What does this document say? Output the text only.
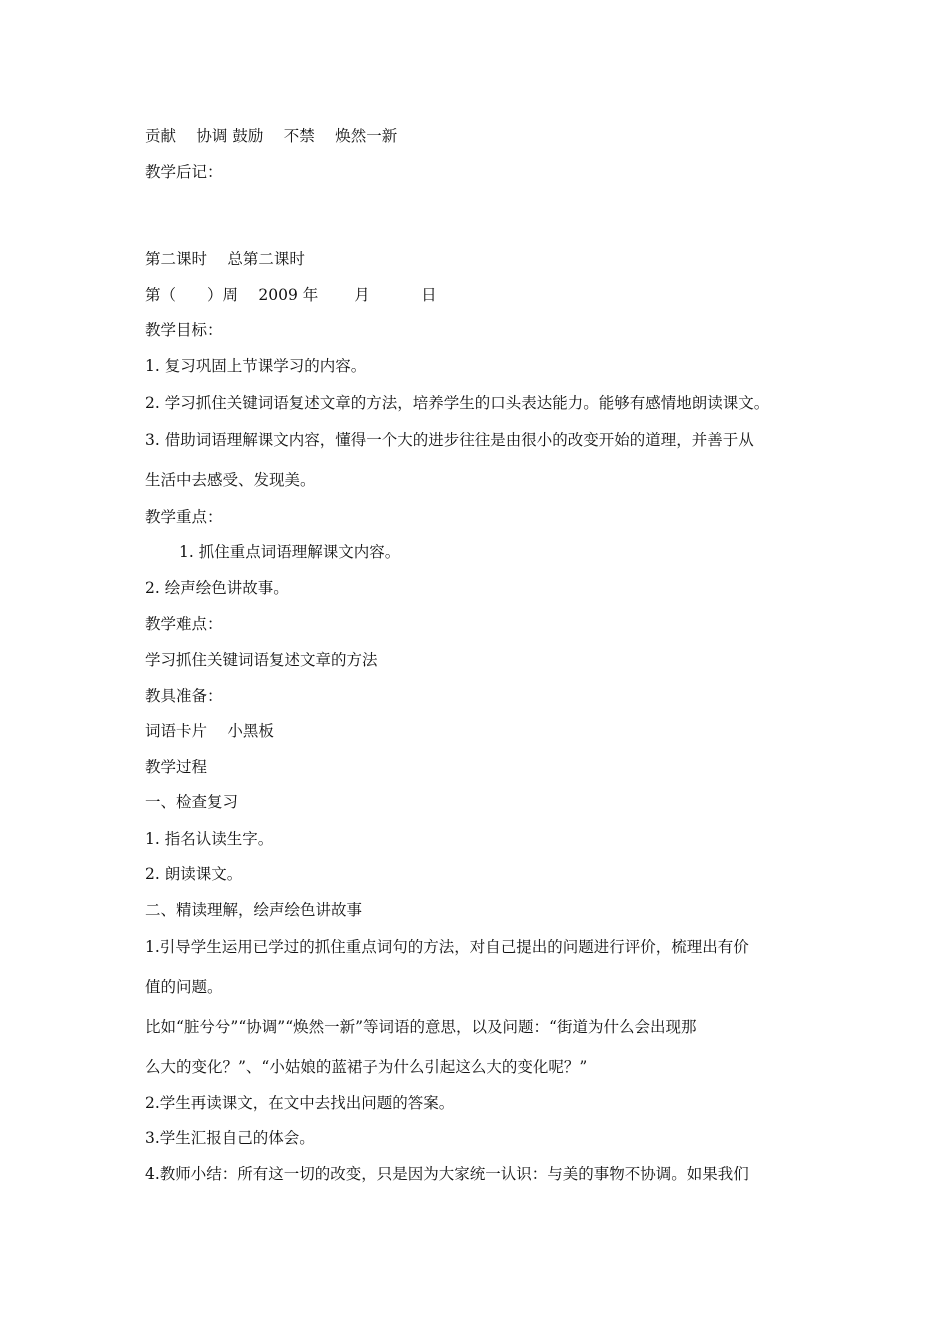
贡献　 协调 鼓励　 不禁　 焕然一新
教学后记：
第二课时　 总第二课时
第（　　）周　 2009 年　　 月　　　 日
教学目标：
1. 复习巩固上节课学习的内容。
2. 学习抓住关键词语复述文章的方法，培养学生的口头表达能力。能够有感情地朗读课文。
3. 借助词语理解课文内容，懂得一个大的进步往往是由很小的改变开始的道理，并善于从
生活中去感受、发现美。
教学重点：
1. 抓住重点词语理解课文内容。
2. 绘声绘色讲故事。
教学难点：
学习抓住关键词语复述文章的方法
教具准备：
词语卡片　 小黑板
教学过程
一、检查复习
1. 指名认读生字。
2. 朗读课文。
二、精读理解，绘声绘色讲故事
1.引导学生运用已学过的抓住重点词句的方法，对自己提出的问题进行评价，梳理出有价
值的问题。
比如“脏兮兮”“协调”“焕然一新”等词语的意思，以及问题：“街道为什么会出现那
么大的变化？”、“小姑娘的蓝裙子为什么引起这么大的变化呢？”
2.学生再读课文，在文中去找出问题的答案。
3.学生汇报自己的体会。
4.教师小结：所有这一切的改变，只是因为大家统一认识：与美的事物不协调。如果我们
